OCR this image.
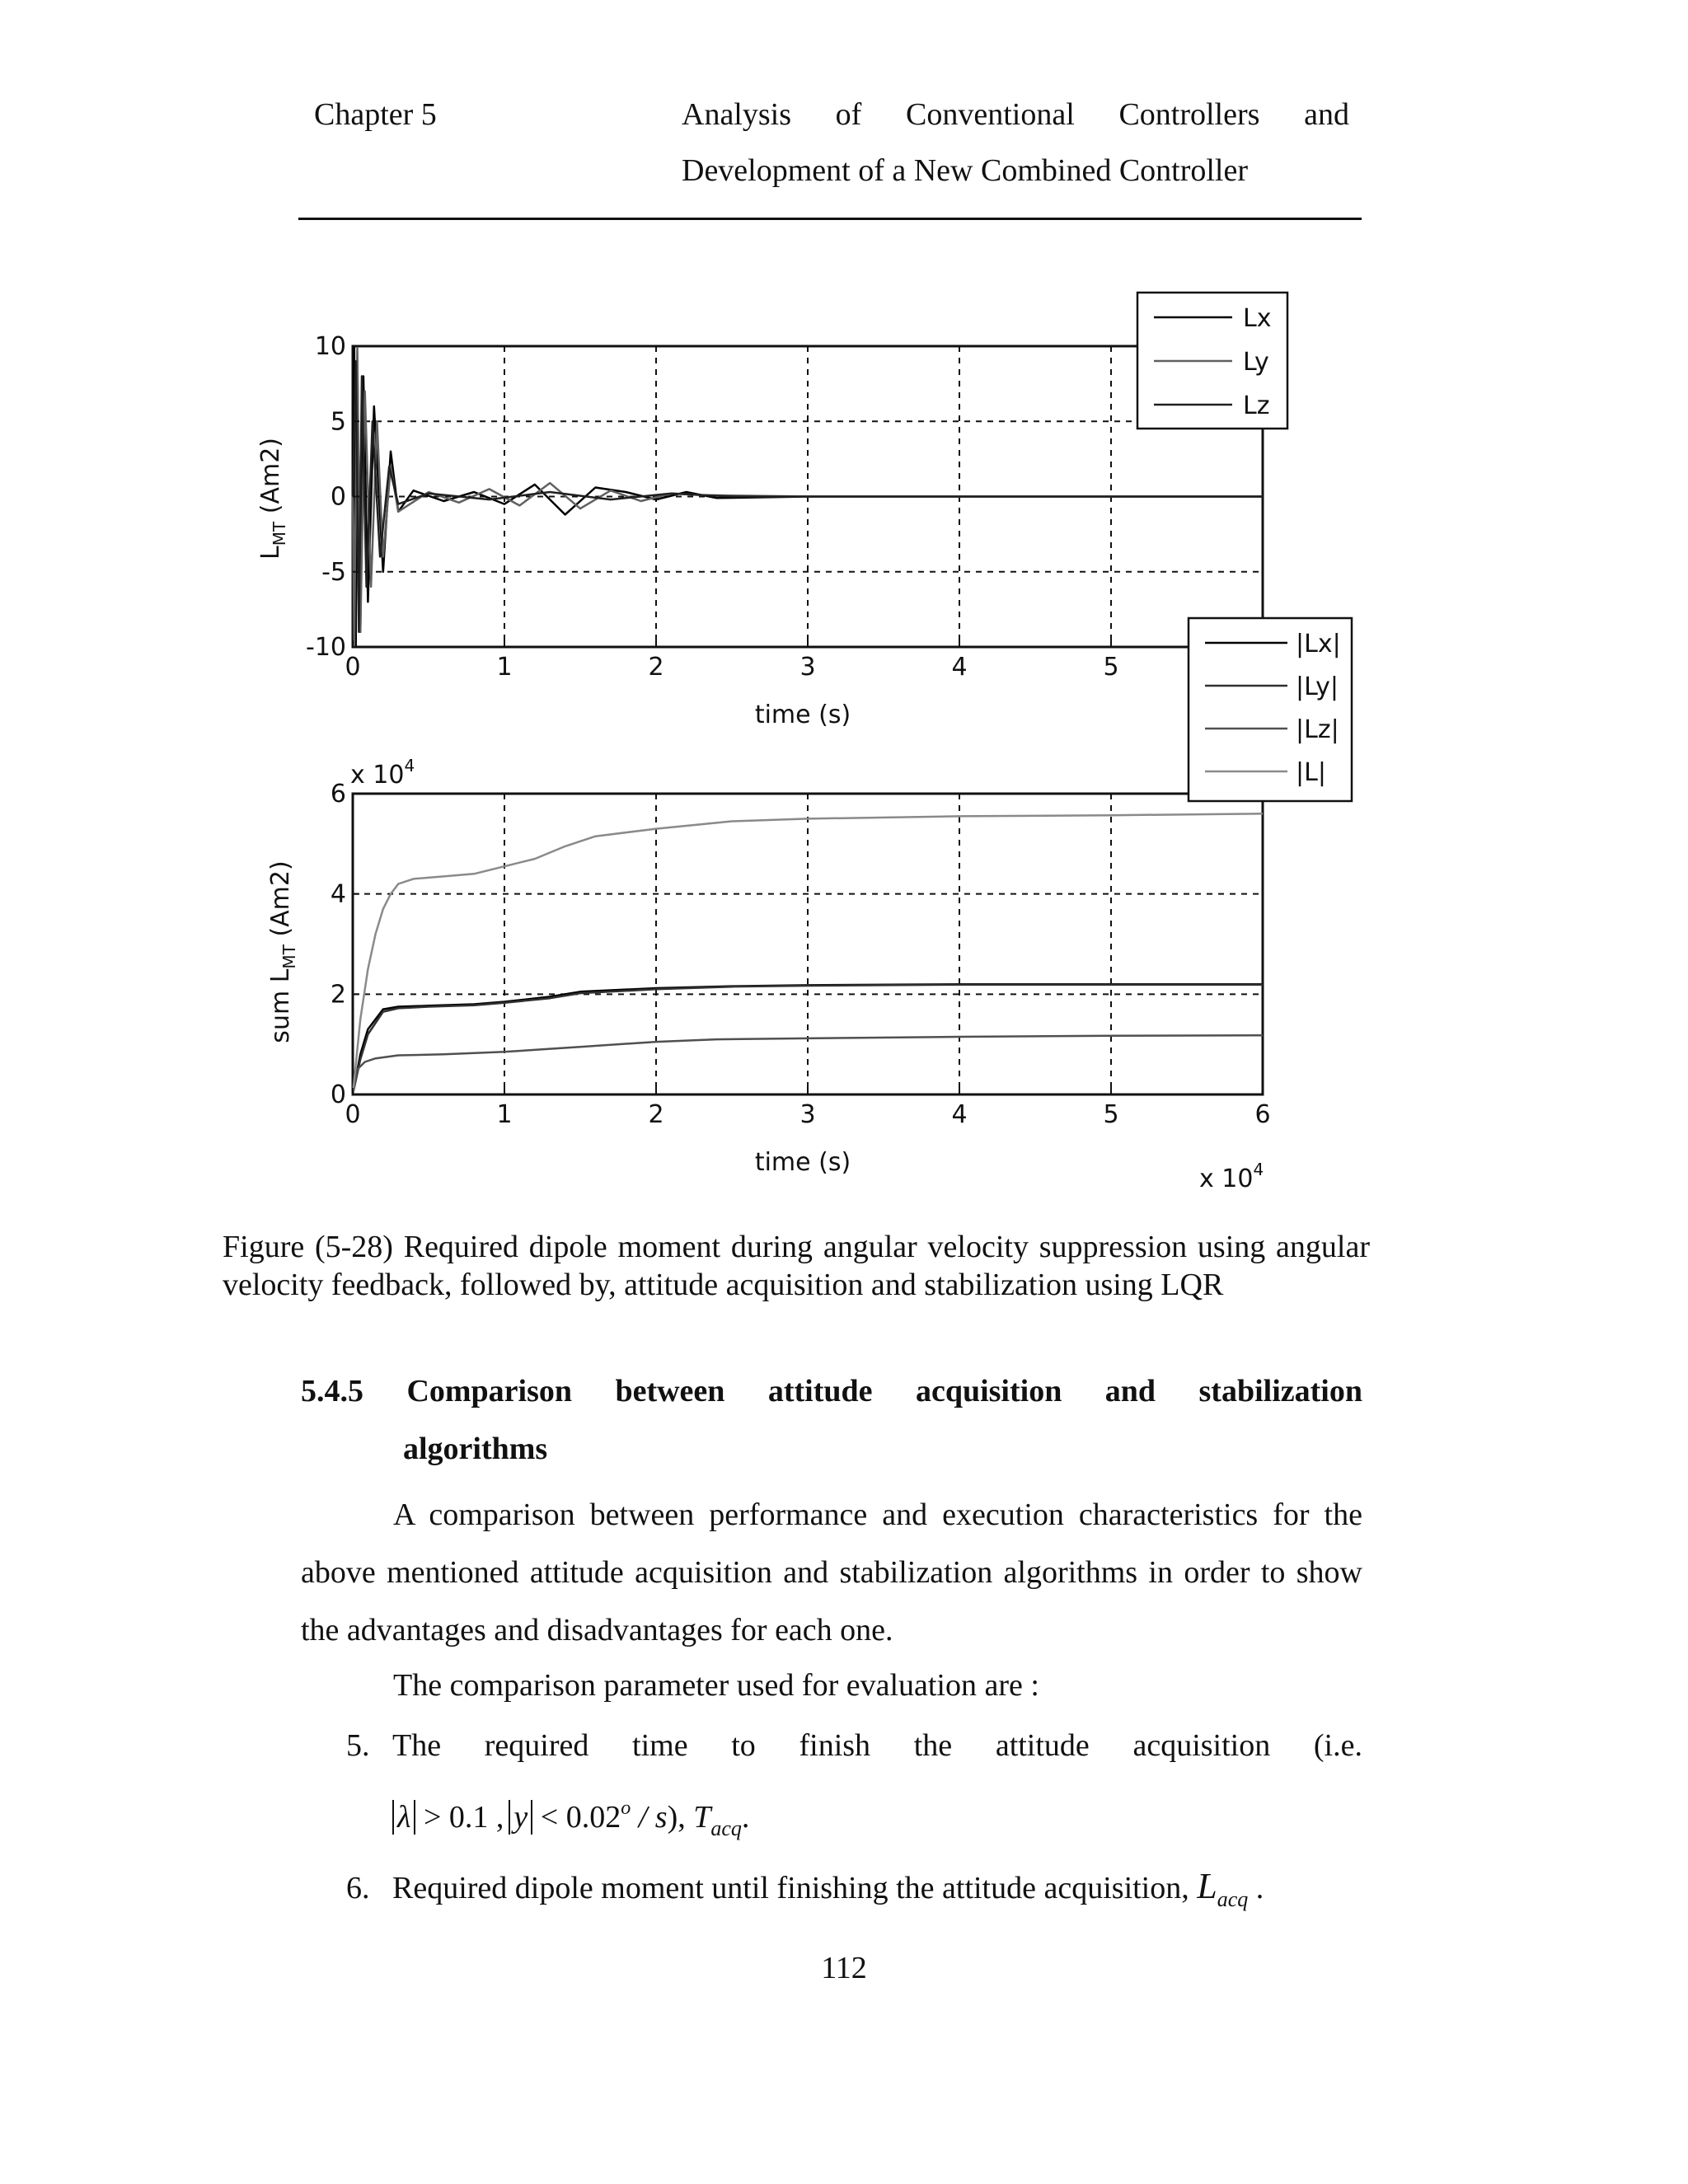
Chapter 5	Analysis of Conventional Controllers and
Development of a New Combined Controller
0	1	2	3	4	5
10
5
0
-5
-10
time (s)
$L_{MT}$ (Am2)
Lx
Ly
Lz
0	1	2	3	4	5	6
6
4
2
0
time (s)
x $10^4$
x $10^4$
sum $L_{MT}$ (Am2)
|Lx|
|Ly|
|Lz|
|L|
Figure (5-28) Required dipole moment during angular velocity suppression using angular velocity feedback, followed by, attitude acquisition and stabilization using LQR
5.4.5 Comparison between attitude acquisition and stabilization
algorithms
A comparison between performance and execution characteristics for the above mentioned attitude acquisition and stabilization algorithms in order to show the advantages and disadvantages for each one.
The comparison parameter used for evaluation are :
5. The required time to finish the attitude acquisition (i.e.
λ > 0.1 , $y < 0.02^o / s$), $T_{acq}$.
6. Required dipole moment until finishing the attitude acquisition, $L_{acq}$ .
112
